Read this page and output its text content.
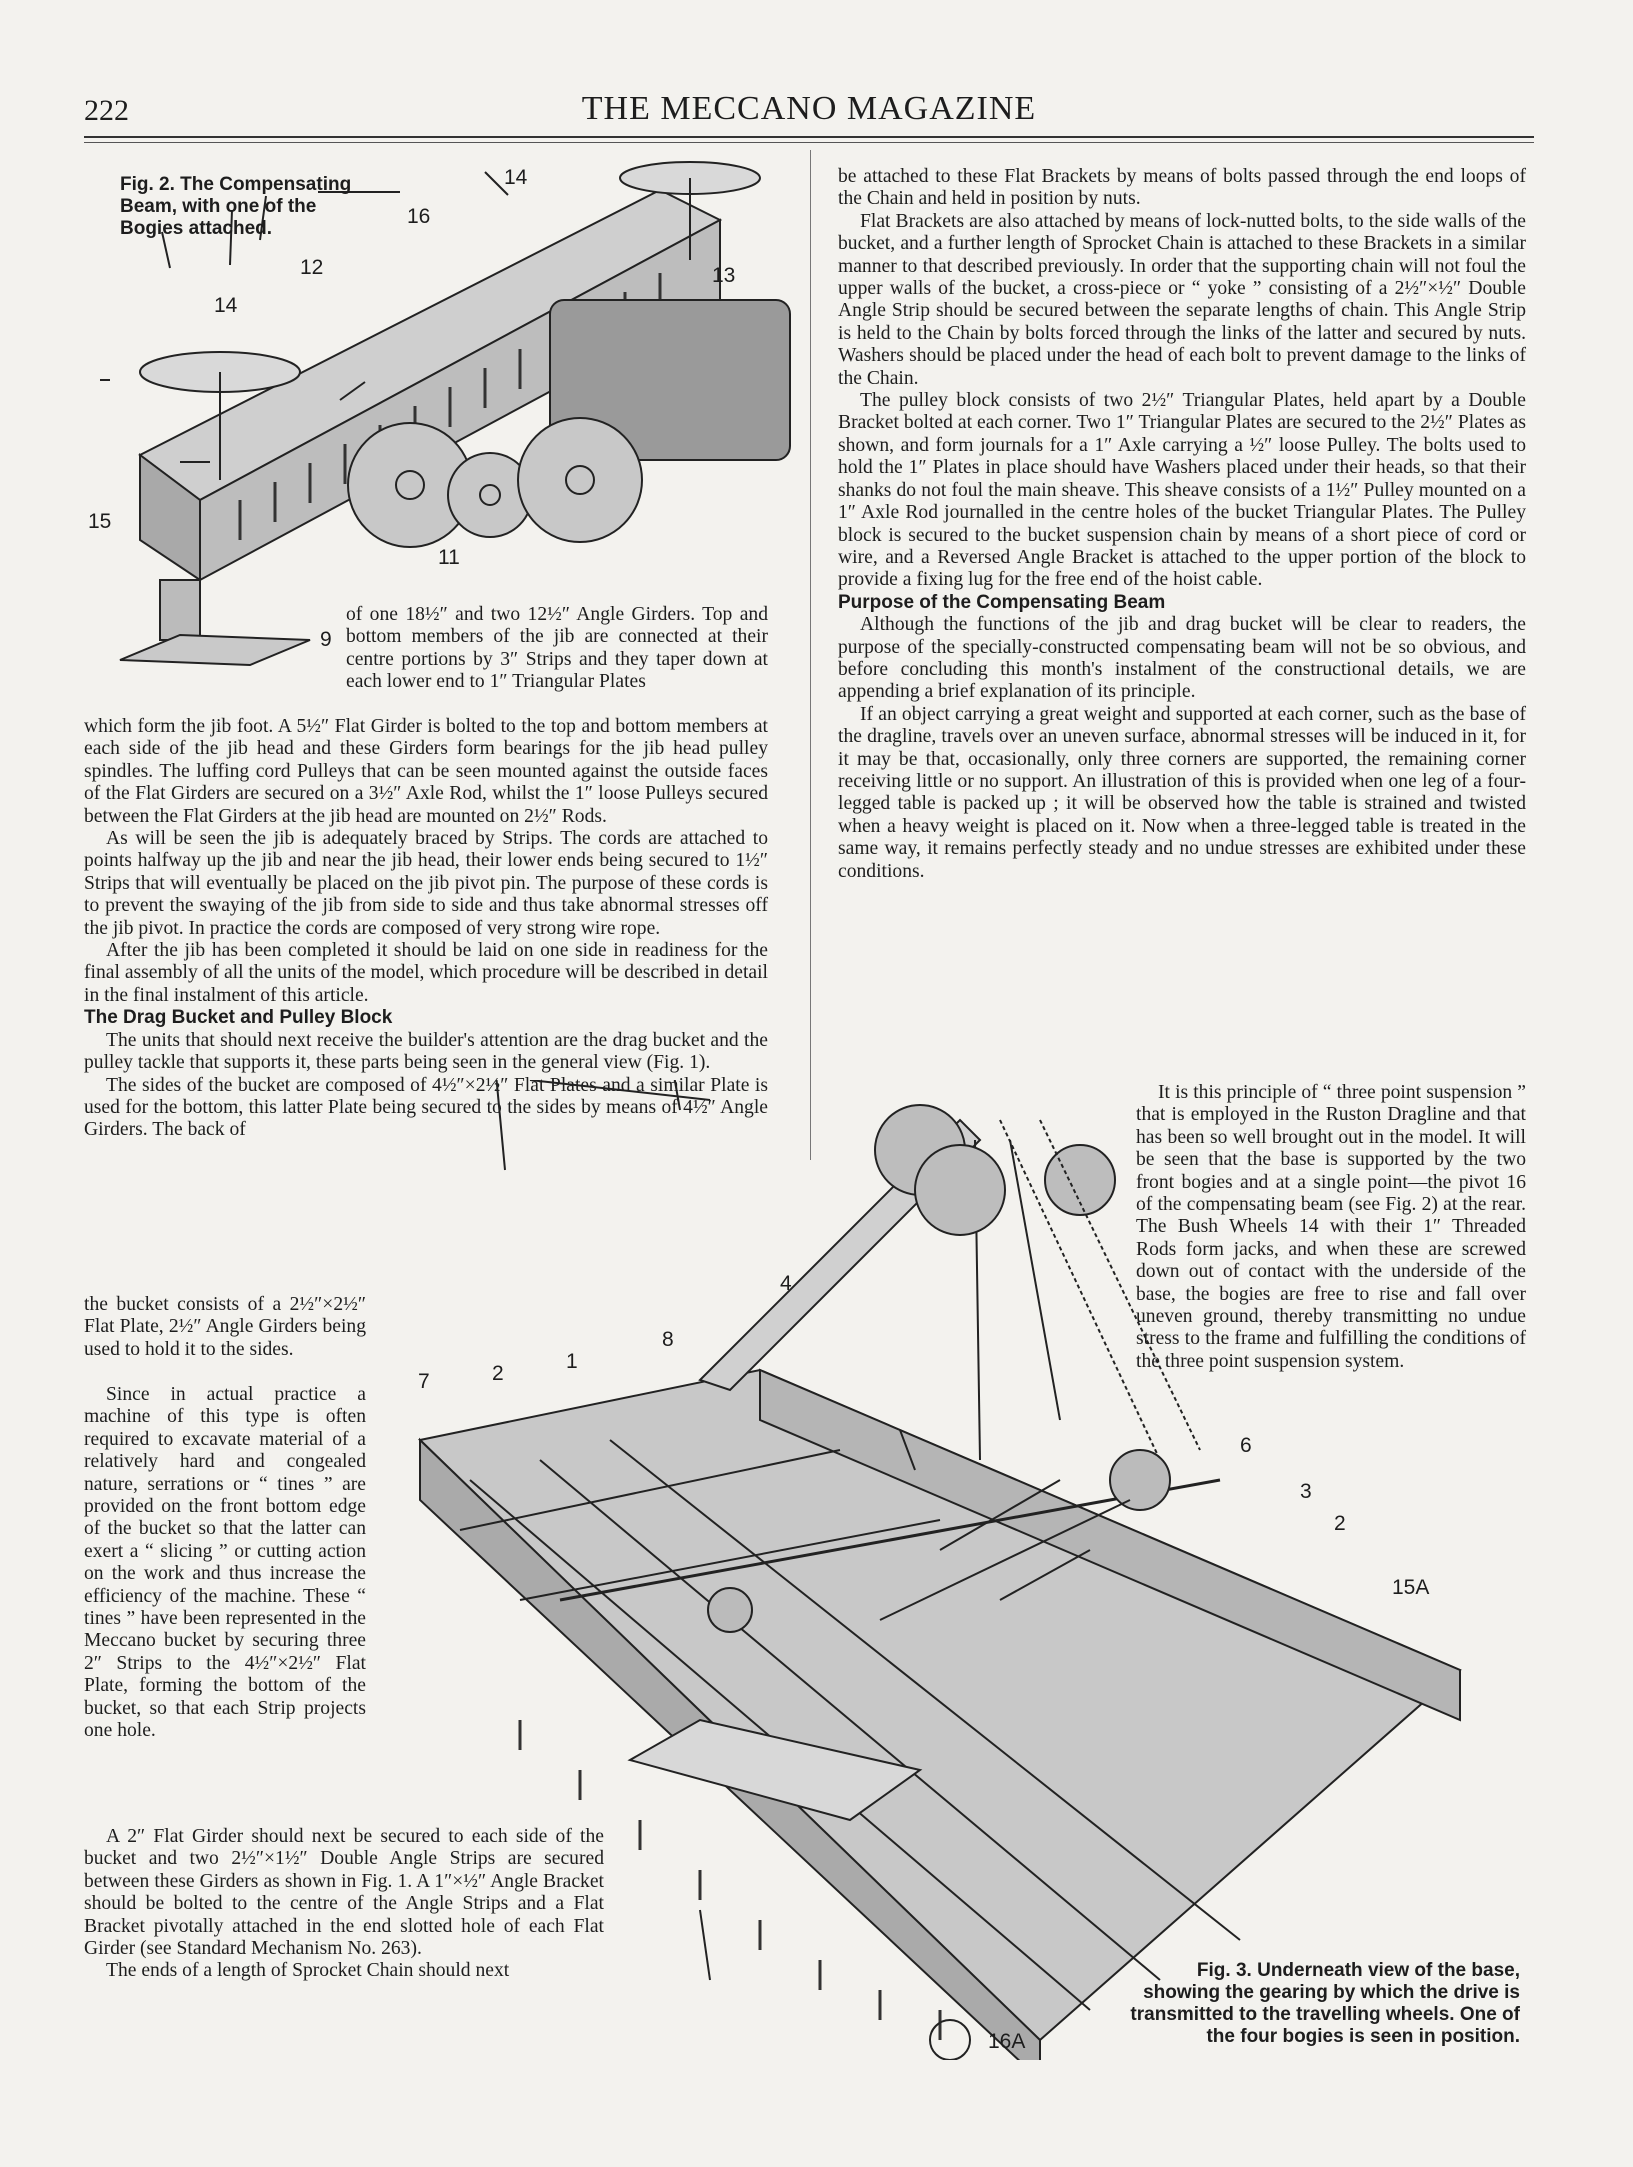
222	THE MECCANO MAGAZINE
14
16
12
14
13
15
11
9
Fig. 2. The Compensating Beam, with one of the Bogies attached.

of one 18½″ and two 12½″ Angle Girders. Top and bottom members of the jib are connected at their centre portions by 3″ Strips and they taper down at each lower end to 1″ Triangular Plates

which form the jib foot. A 5½″ Flat Girder is bolted to the top and bottom members at each side of the jib head and these Girders form bearings for the jib head pulley spindles. The luffing cord Pulleys that can be seen mounted against the outside faces of the Flat Girders are secured on a 3½″ Axle Rod, whilst the 1″ loose Pulleys secured between the Flat Girders at the jib head are mounted on 2½″ Rods.

As will be seen the jib is adequately braced by Strips. The cords are attached to points halfway up the jib and near the jib head, their lower ends being secured to 1½″ Strips that will eventually be placed on the jib pivot pin. The purpose of these cords is to prevent the swaying of the jib from side to side and thus take abnormal stresses off the jib pivot. In practice the cords are composed of very strong wire rope.

After the jib has been completed it should be laid on one side in readiness for the final assembly of all the units of the model, which procedure will be described in detail in the final instalment of this article.

The Drag Bucket and Pulley Block

The units that should next receive the builder's attention are the drag bucket and the pulley tackle that supports it, these parts being seen in the general view (Fig. 1).

The sides of the bucket are composed of 4½″×2½″ Flat Plates and a similar Plate is used for the bottom, this latter Plate being secured to the sides by means of 4½″ Angle Girders. The back of

the bucket consists of a 2½″×2½″ Flat Plate, 2½″ Angle Girders being used to hold it to the sides.

Since in actual practice a machine of this type is often required to excavate material of a relatively hard and congealed nature, serrations or “ tines ” are provided on the front bottom edge of the bucket so that the latter can exert a “ slicing ” or cutting action on the work and thus increase the efficiency of the machine. These “ tines ” have been represented in the Meccano bucket by securing three 2″ Strips to the 4½″×2½″ Flat Plate, forming the bottom of the bucket, so that each Strip projects one hole.

A 2″ Flat Girder should next be secured to each side of the bucket and two 2½″×1½″ Double Angle Strips are secured between these Girders as shown in Fig. 1. A 1″×½″ Angle Bracket should be bolted to the centre of the Angle Strips and a Flat Bracket pivotally attached in the end slotted hole of each Flat Girder (see Standard Mechanism No. 263).

The ends of a length of Sprocket Chain should next

be attached to these Flat Brackets by means of bolts passed through the end loops of the Chain and held in position by nuts.

Flat Brackets are also attached by means of lock-nutted bolts, to the side walls of the bucket, and a further length of Sprocket Chain is attached to these Brackets in a similar manner to that described previously. In order that the supporting chain will not foul the upper walls of the bucket, a cross-piece or “ yoke ” consisting of a 2½″×½″ Double Angle Strip should be secured between the separate lengths of chain. This Angle Strip is held to the Chain by bolts forced through the links of the latter and secured by nuts. Washers should be placed under the head of each bolt to prevent damage to the links of the Chain.

The pulley block consists of two 2½″ Triangular Plates, held apart by a Double Bracket bolted at each corner. Two 1″ Triangular Plates are secured to the 2½″ Plates as shown, and form journals for a 1″ Axle carrying a ½″ loose Pulley. The bolts used to hold the 1″ Plates in place should have Washers placed under their heads, so that their shanks do not foul the main sheave. This sheave consists of a 1½″ Pulley mounted on a 1″ Axle Rod journalled in the centre holes of the bucket Triangular Plates. The Pulley block is secured to the bucket suspension chain by means of a short piece of cord or wire, and a Reversed Angle Bracket is attached to the upper portion of the block to provide a fixing lug for the free end of the hoist cable.

Purpose of the Compensating Beam

Although the functions of the jib and drag bucket will be clear to readers, the purpose of the specially-constructed compensating beam will not be so obvious, and before concluding this month's instalment of the constructional details, we are appending a brief explanation of its principle.

If an object carrying a great weight and supported at each corner, such as the base of the dragline, travels over an uneven surface, abnormal stresses will be induced in it, for it may be that, occasionally, only three corners are supported, the remaining corner receiving little or no support. An illustration of this is provided when one leg of a four-legged table is packed up ; it will be observed how the table is strained and twisted when a heavy weight is placed on it. Now when a three-legged table is treated in the same way, it remains perfectly steady and no undue stresses are exhibited under these conditions.

It is this principle of “ three point suspension ” that is employed in the Ruston Dragline and that has been so well brought out in the model. It will be seen that the base is supported by the two front bogies and at a single point—the pivot 16 of the compensating beam (see Fig. 2) at the rear. The Bush Wheels 14 with their 1″ Threaded Rods form jacks, and when these are screwed down out of contact with the underside of the base, the bogies are free to rise and fall over uneven ground, thereby transmitting no undue stress to the frame and fulfilling the conditions of the three point suspension system.

4
8
7	2
1
6
3
2
15A
16A
Fig. 3. Underneath view of the base, showing the gearing by which the drive is transmitted to the travelling wheels. One of the four bogies is seen in position.
